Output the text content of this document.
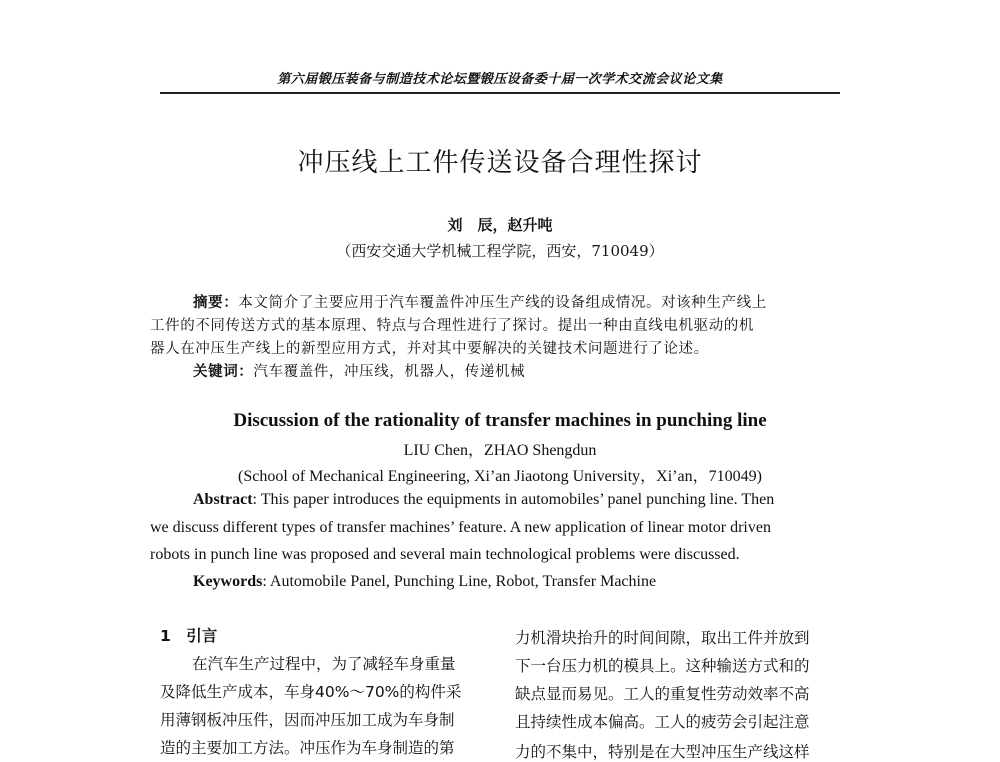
第六届锻压装备与制造技术论坛暨锻压设备委十届一次学术交流会议论文集
冲压线上工件传送设备合理性探讨
刘　辰，赵升吨
（西安交通大学机械工程学院，西安，710049）
摘要：本文简介了主要应用于汽车覆盖件冲压生产线的设备组成情况。对该种生产线上
工件的不同传送方式的基本原理、特点与合理性进行了探讨。提出一种由直线电机驱动的机
器人在冲压生产线上的新型应用方式，并对其中要解决的关键技术问题进行了论述。
关键词：汽车覆盖件，冲压线，机器人，传递机械
Discussion of the rationality of transfer machines in punching line
LIU Chen，ZHAO Shengdun
(School of Mechanical Engineering, Xi’an Jiaotong University，Xi’an，710049)
Abstract: This paper introduces the equipments in automobiles’ panel punching line. Then
we discuss different types of transfer machines’ feature. A new application of linear motor driven
robots in punch line was proposed and several main technological problems were discussed.
Keywords: Automobile Panel, Punching Line, Robot, Transfer Machine
1　引言
在汽车生产过程中，为了减轻车身重量
及降低生产成本，车身40%～70%的构件采
用薄钢板冲压件，因而冲压加工成为车身制
造的主要加工方法。冲压作为车身制造的第
力机滑块抬升的时间间隙，取出工件并放到
下一台压力机的模具上。这种输送方式和的
缺点显而易见。工人的重复性劳动效率不高
且持续性成本偏高。工人的疲劳会引起注意
力的不集中，特别是在大型冲压生产线这样
